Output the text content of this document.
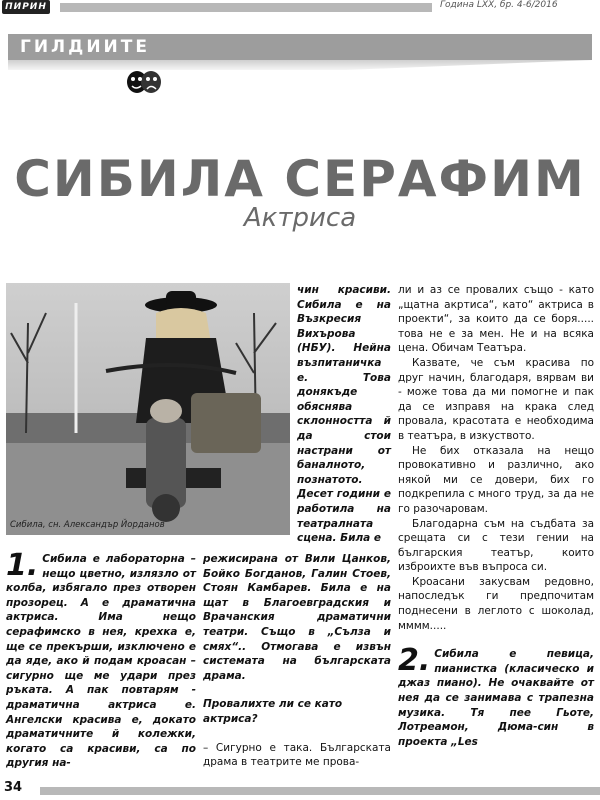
ПИРИН	Година LXX, бр. 4-6/2016
ГИЛДИИТЕ
СИБИЛА СЕРАФИМ
Актриса
Сибила, сн. Александър Йорданов

чин красиви. Сибила е на Възкресия Вихърова (НБУ). Нейна възпитаничка е. Това донякъде обяснява склонността й да стои настрани от баналното, познатото. Десет години е работила на театралната сцена. Била е

1. Сибила е лабораторна – нещо цветно, излязло от колба, избягало през отворен прозорец. А е драматична актриса. Има нещо серафимско в нея, крехка е, ще се прекърши, изключено е да яде, ако й подам кроасан – сигурно ще ме удари през ръката. А пак повтарям - драматична актриса е. Ангелски красива е, докато драматичните й колежки, когато са красиви, са по другия на-

режисирана от Вили Цанков, Бойко Богданов, Галин Стоев, Стоян Камбарев. Била е на щат в Благоевградския и Врачанския драматични театри. Също в „Сълза и смях“.. Отмогава е извън системата на българската драма.

Провалихте ли се като актриса?

– Сигурно е така. Българската драма в театрите ме прова-

ли и аз се провалих също - като „щатна акртиса“, като“ актриса в проекти“, за които да се боря..... това не е за мен. Не и на всяка цена. Обичам Театъра.

Казвате, че съм красива по друг начин, благодаря, вярвам ви - може това да ми помогне и пак да се изправя на крака след провала, красотата е необходима в театъра, в изкуството.

Не бих отказала на нещо провокативно и различно, ако някой ми се довери, бих го подкрепила с много труд, за да не го разочаровам.

Благодарна съм на съдбата за срещата си с тези гении на българския театър, които изброихте във въпроса си.

Кроасани закусвам редовно, напоследък ги предпочитам поднесени в леглото с шоколад, мммм.....

2. Сибила е певица, пианистка (класическо и джаз пиано). Не очаквайте от нея да се занимава с трапезна музика. Тя пее Гьоте, Лотреамон, Дюма-син в проекта „Les
34
